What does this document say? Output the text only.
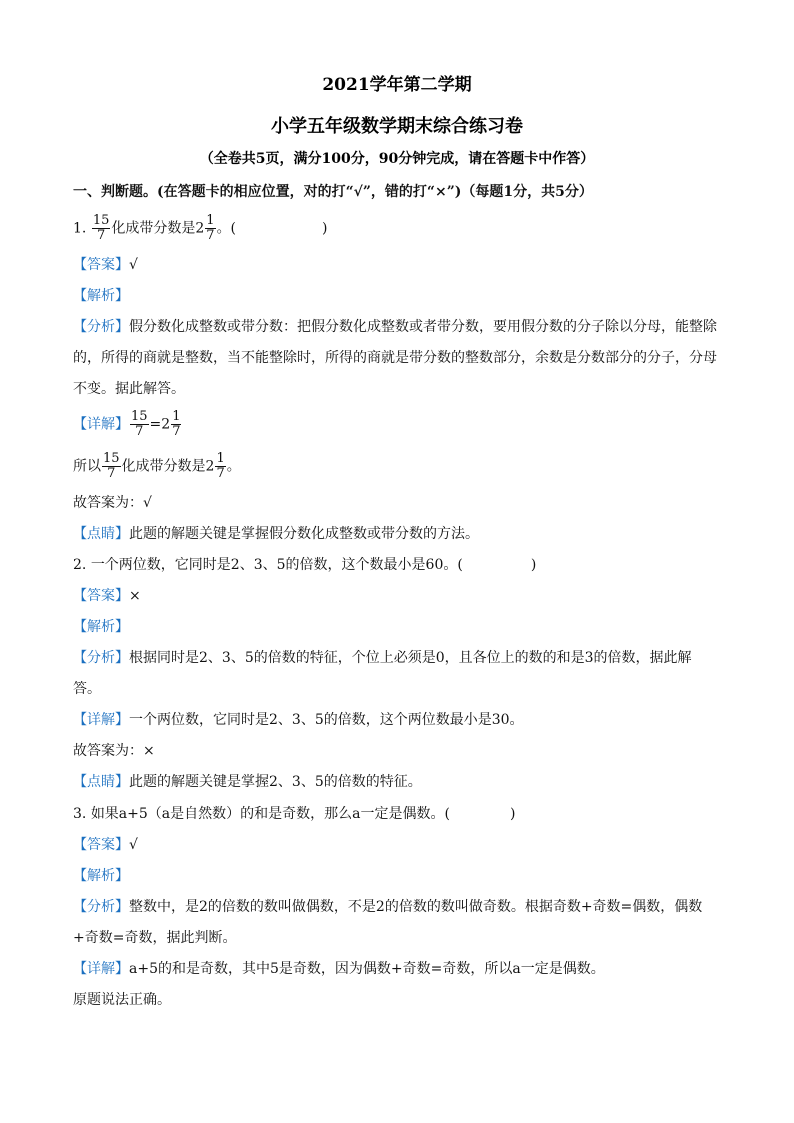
2021学年第二学期
小学五年级数学期末综合练习卷
（全卷共5页，满分100分，90分钟完成，请在答题卡中作答）
一、判断题。(在答题卡的相应位置，对的打“√”，错的打“×”)（每题1分，共5分）
1. $\frac{15}{7}$ 化成带分数是$2 \frac{1}{7}$ 。(	)
【答案】√
【解析】
【分析】假分数化成整数或带分数：把假分数化成整数或者带分数，要用假分数的分子除以分母，能整除
的，所得的商就是整数，当不能整除时，所得的商就是带分数的整数部分，余数是分数部分的分子，分母
不变。据此解答。
【详解】 $\frac{15}{7} =2 \frac{1}{7}$
所以 $\frac{15}{7}$ 化成带分数是$2 \frac{1}{7}$ 。
故答案为：√
【点睛】此题的解题关键是掌握假分数化成整数或带分数的方法。
2. 一个两位数，它同时是2、3、5的倍数，这个数最小是60。(	)
【答案】×
【解析】
【分析】根据同时是2、3、5的倍数的特征，个位上必须是0，且各位上的数的和是3的倍数，据此解
答。
【详解】一个两位数，它同时是2、3、5的倍数，这个两位数最小是30。
故答案为：×
【点睛】此题的解题关键是掌握2、3、5的倍数的特征。
3. 如果a+5（a是自然数）的和是奇数，那么a一定是偶数。(	)
【答案】√
【解析】
【分析】整数中，是2的倍数的数叫做偶数，不是2的倍数的数叫做奇数。根据奇数+奇数=偶数，偶数
+奇数=奇数，据此判断。
【详解】a+5的和是奇数，其中5是奇数，因为偶数+奇数=奇数，所以a一定是偶数。
原题说法正确。
